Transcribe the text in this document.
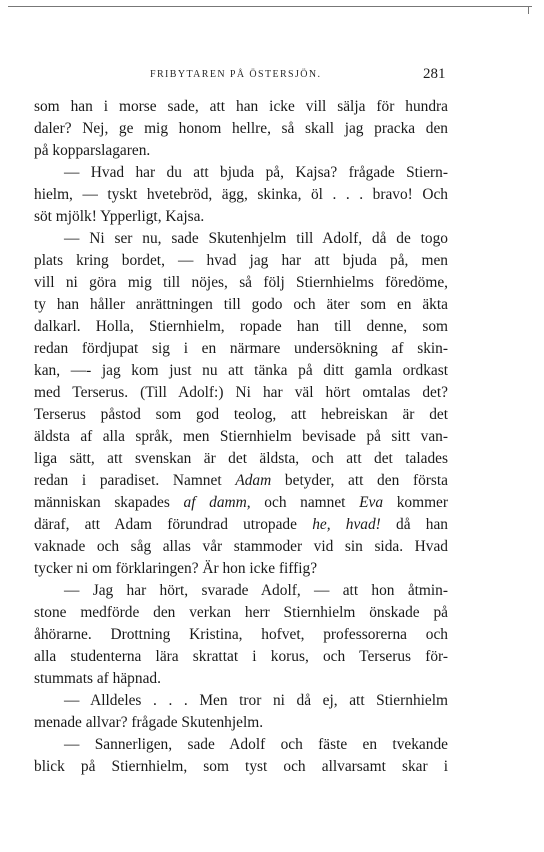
FRIBYTAREN PÅ ÖSTERSJÖN.	281
som han i morse sade, att han icke vill sälja för hundra
daler? Nej, ge mig honom hellre, så skall jag pracka den
på kopparslagaren.
— Hvad har du att bjuda på, Kajsa? frågade Stiern-
hielm, — tyskt hvetebröd, ägg, skinka, öl . . . bravo! Och
söt mjölk! Ypperligt, Kajsa.
— Ni ser nu, sade Skutenhjelm till Adolf, då de togo
plats kring bordet, — hvad jag har att bjuda på, men
vill ni göra mig till nöjes, så följ Stiernhielms föredöme,
ty han håller anrättningen till godo och äter som en äkta
dalkarl. Holla, Stiernhielm, ropade han till denne, som
redan fördjupat sig i en närmare undersökning af skin-
kan, —- jag kom just nu att tänka på ditt gamla ordkast
med Terserus. (Till Adolf:) Ni har väl hört omtalas det?
Terserus påstod som god teolog, att hebreiskan är det
äldsta af alla språk, men Stiernhielm bevisade på sitt van-
liga sätt, att svenskan är det äldsta, och att det talades
redan i paradiset. Namnet Adam betyder, att den första
människan skapades af damm, och namnet Eva kommer
däraf, att Adam förundrad utropade he, hvad! då han
vaknade och såg allas vår stammoder vid sin sida. Hvad
tycker ni om förklaringen? Är hon icke fiffig?
— Jag har hört, svarade Adolf, — att hon åtmin-
stone medförde den verkan herr Stiernhielm önskade på
åhörarne. Drottning Kristina, hofvet, professorerna och
alla studenterna lära skrattat i korus, och Terserus för-
stummats af häpnad.
— Alldeles . . . Men tror ni då ej, att Stiernhielm
menade allvar? frågade Skutenhjelm.
— Sannerligen, sade Adolf och fäste en tvekande
blick på Stiernhielm, som tyst och allvarsamt skar i
